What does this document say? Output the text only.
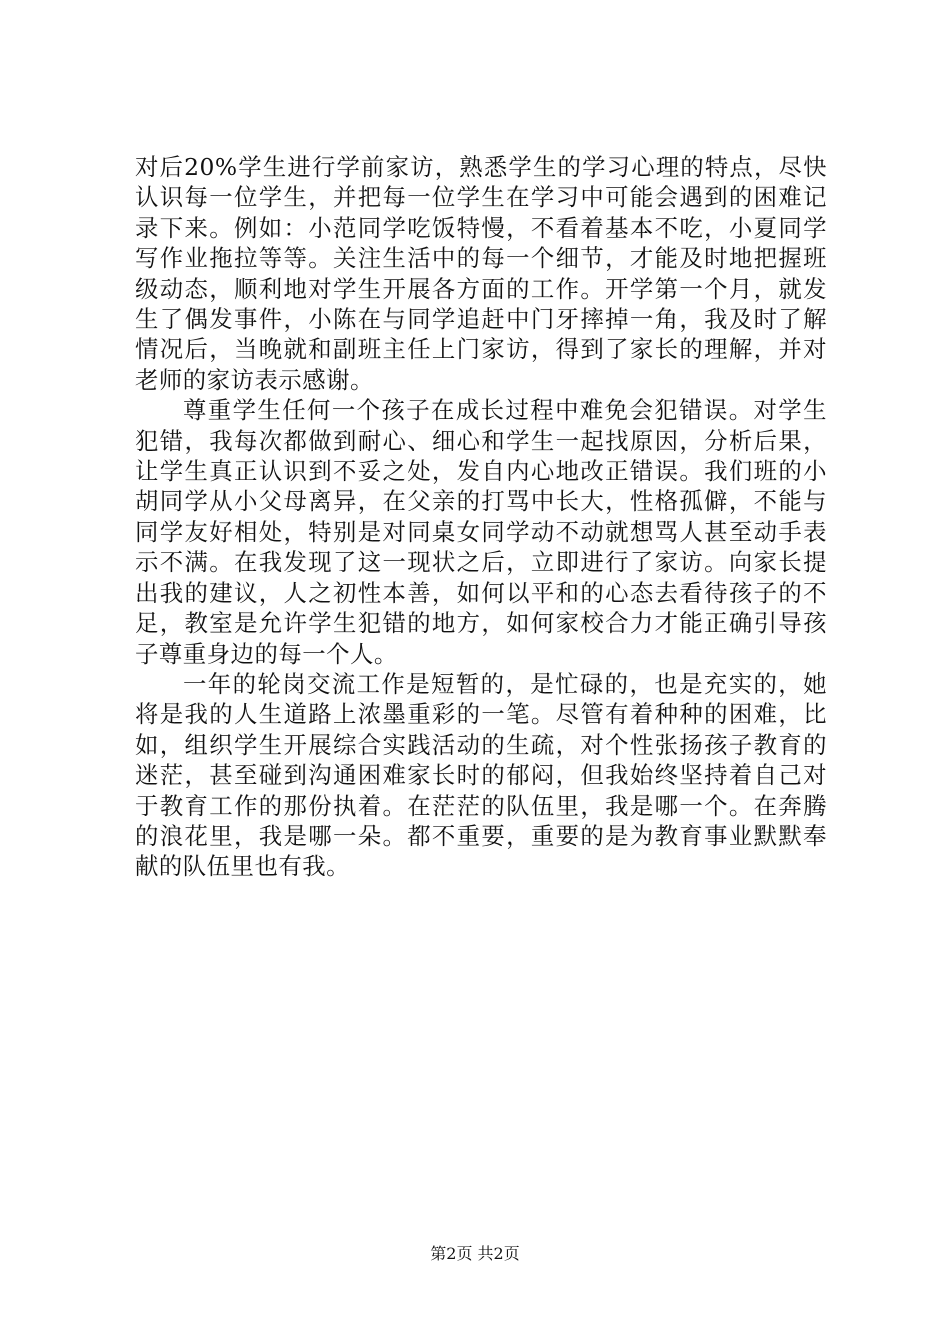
对后20%学生进行学前家访，熟悉学生的学习心理的特点，尽快认识每一位学生，并把每一位学生在学习中可能会遇到的困难记录下来。例如：小范同学吃饭特慢，不看着基本不吃，小夏同学写作业拖拉等等。关注生活中的每一个细节，才能及时地把握班级动态，顺利地对学生开展各方面的工作。开学第一个月，就发生了偶发事件，小陈在与同学追赶中门牙摔掉一角，我及时了解情况后，当晚就和副班主任上门家访，得到了家长的理解，并对老师的家访表示感谢。

尊重学生任何一个孩子在成长过程中难免会犯错误。对学生犯错，我每次都做到耐心、细心和学生一起找原因，分析后果，让学生真正认识到不妥之处，发自内心地改正错误。我们班的小胡同学从小父母离异，在父亲的打骂中长大，性格孤僻，不能与同学友好相处，特别是对同桌女同学动不动就想骂人甚至动手表示不满。在我发现了这一现状之后，立即进行了家访。向家长提出我的建议，人之初性本善，如何以平和的心态去看待孩子的不足，教室是允许学生犯错的地方，如何家校合力才能正确引导孩子尊重身边的每一个人。

一年的轮岗交流工作是短暂的，是忙碌的，也是充实的，她将是我的人生道路上浓墨重彩的一笔。尽管有着种种的困难，比如，组织学生开展综合实践活动的生疏，对个性张扬孩子教育的迷茫，甚至碰到沟通困难家长时的郁闷，但我始终坚持着自己对于教育工作的那份执着。在茫茫的队伍里，我是哪一个。在奔腾的浪花里，我是哪一朵。都不重要，重要的是为教育事业默默奉献的队伍里也有我。

第2页 共2页
